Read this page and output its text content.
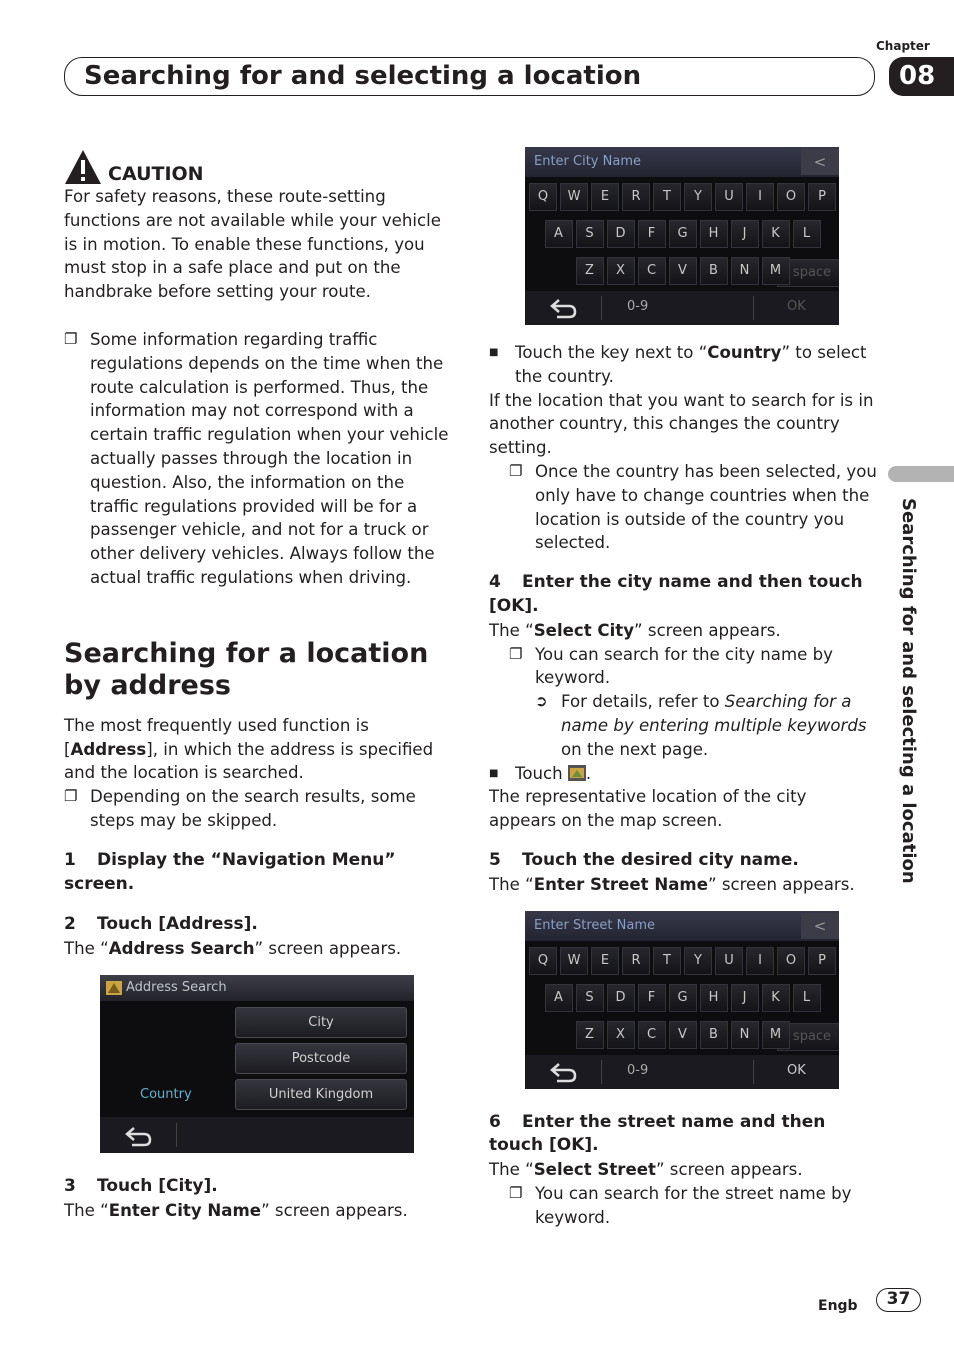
Chapter
Searching for and selecting a location	08
Searching for and selecting a location
CAUTION

For safety reasons, these route-setting functions are not available while your vehicle is in motion. To enable these functions, you must stop in a safe place and put on the handbrake before setting your route.

❐ Some information regarding traffic regulations depends on the time when the route calculation is performed. Thus, the information may not correspond with a certain traffic regulation when your vehicle actually passes through the location in question. Also, the information on the traffic regulations provided will be for a passenger vehicle, and not for a truck or other delivery vehicles. Always follow the actual traffic regulations when driving.
Searching for a location by address

The most frequently used function is [Address], in which the address is specified and the location is searched.

❐ Depending on the search results, some steps may be skipped.
1 Display the “Navigation Menu” screen.
2 Touch [Address].

The “Address Search” screen appears.

Address Search
City
Postcode
Country	United Kingdom
3 Touch [City].

The “Enter City Name” screen appears.

Enter City Name	<
space
0-9	OK
Q	W	E	R	T	Y	U	I	O	P
A	S	D	F	G	H	J	K	L
Z	X	C	V	B	N	M
■ Touch the key next to “Country” to select the country.

If the location that you want to search for is in another country, this changes the country setting.

❐ Once the country has been selected, you only have to change countries when the location is outside of the country you selected.
4 Enter the city name and then touch [OK].

The “Select City” screen appears.

❐ You can search for the city name by keyword.
➲ For details, refer to Searching for a name by entering multiple keywords on the next page.
■ Touch .

The representative location of the city appears on the map screen.

5 Touch the desired city name.

The “Enter Street Name” screen appears.

Enter Street Name	<
space
0-9	OK
Q	W	E	R	T	Y	U	I	O	P
A	S	D	F	G	H	J	K	L
Z	X	C	V	B	N	M
6 Enter the street name and then touch [OK].

The “Select Street” screen appears.

❐ You can search for the street name by keyword.
Engb	37
